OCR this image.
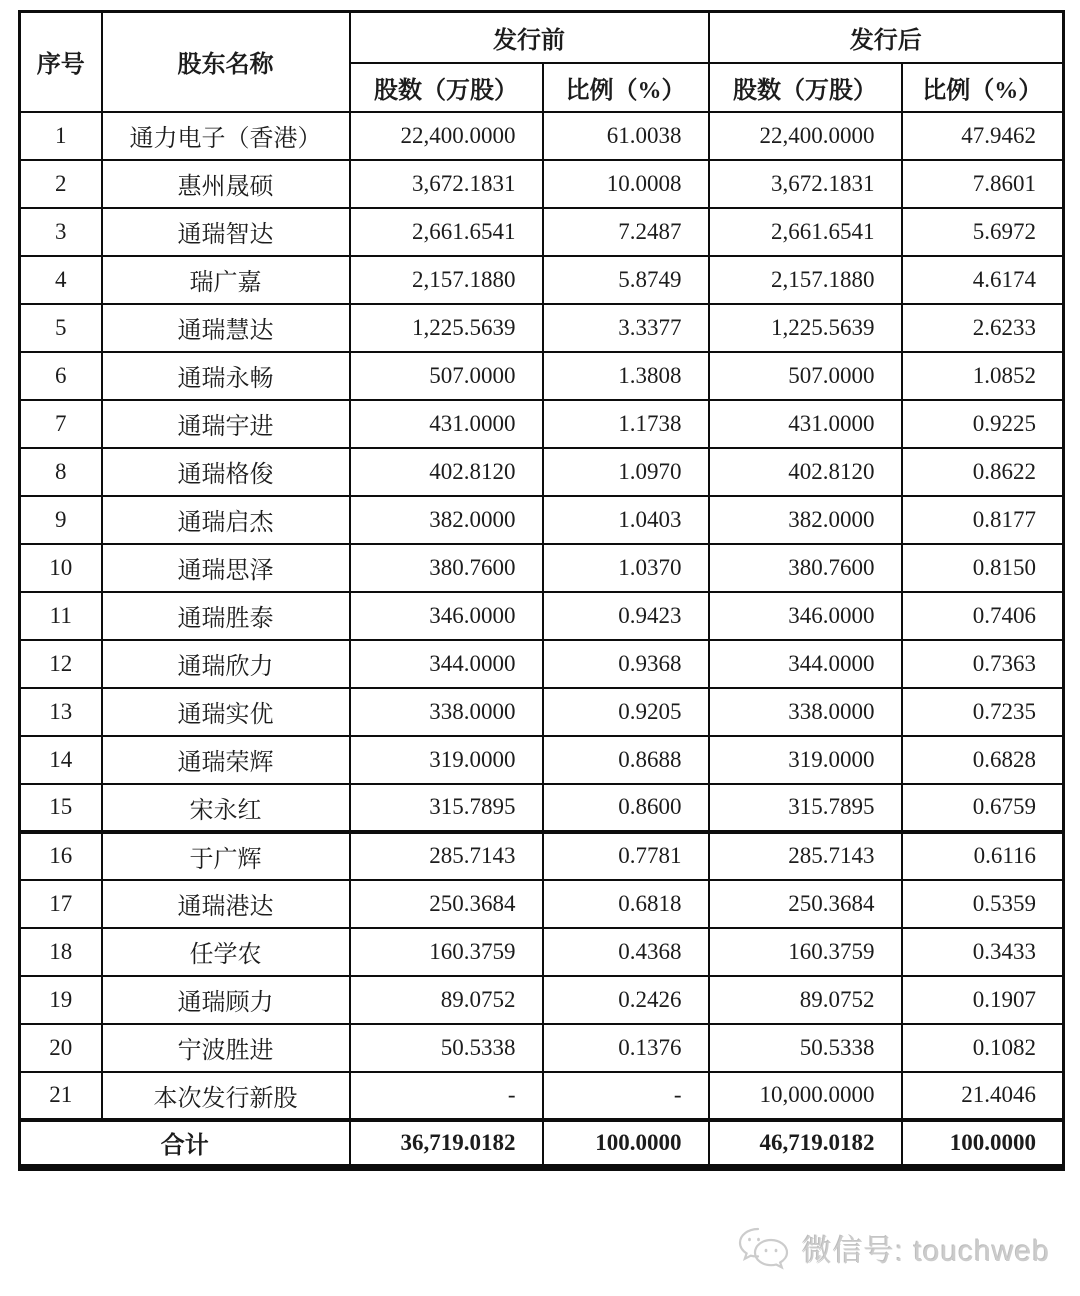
序号	股东名称	发行前		发行后	
		股数（万股）	比例（%）	股数（万股）	比例（%）
1	通力电子（香港）	22,400.0000	61.0038	22,400.0000	47.9462
2	惠州晟硕	3,672.1831	10.0008	3,672.1831	7.8601
3	通瑞智达	2,661.6541	7.2487	2,661.6541	5.6972
4	瑞广嘉	2,157.1880	5.8749	2,157.1880	4.6174
5	通瑞慧达	1,225.5639	3.3377	1,225.5639	2.6233
6	通瑞永畅	507.0000	1.3808	507.0000	1.0852
7	通瑞宇进	431.0000	1.1738	431.0000	0.9225
8	通瑞格俊	402.8120	1.0970	402.8120	0.8622
9	通瑞启杰	382.0000	1.0403	382.0000	0.8177
10	通瑞思泽	380.7600	1.0370	380.7600	0.8150
11	通瑞胜泰	346.0000	0.9423	346.0000	0.7406
12	通瑞欣力	344.0000	0.9368	344.0000	0.7363
13	通瑞实优	338.0000	0.9205	338.0000	0.7235
14	通瑞荣辉	319.0000	0.8688	319.0000	0.6828
15	宋永红	315.7895	0.8600	315.7895	0.6759
16	于广辉	285.7143	0.7781	285.7143	0.6116
17	通瑞港达	250.3684	0.6818	250.3684	0.5359
18	任学农	160.3759	0.4368	160.3759	0.3433
19	通瑞顾力	89.0752	0.2426	89.0752	0.1907
20	宁波胜进	50.5338	0.1376	50.5338	0.1082
21	本次发行新股	-	-	10,000.0000	21.4046
合计		36,719.0182	100.0000	46,719.0182	100.0000
微信号: touchweb
